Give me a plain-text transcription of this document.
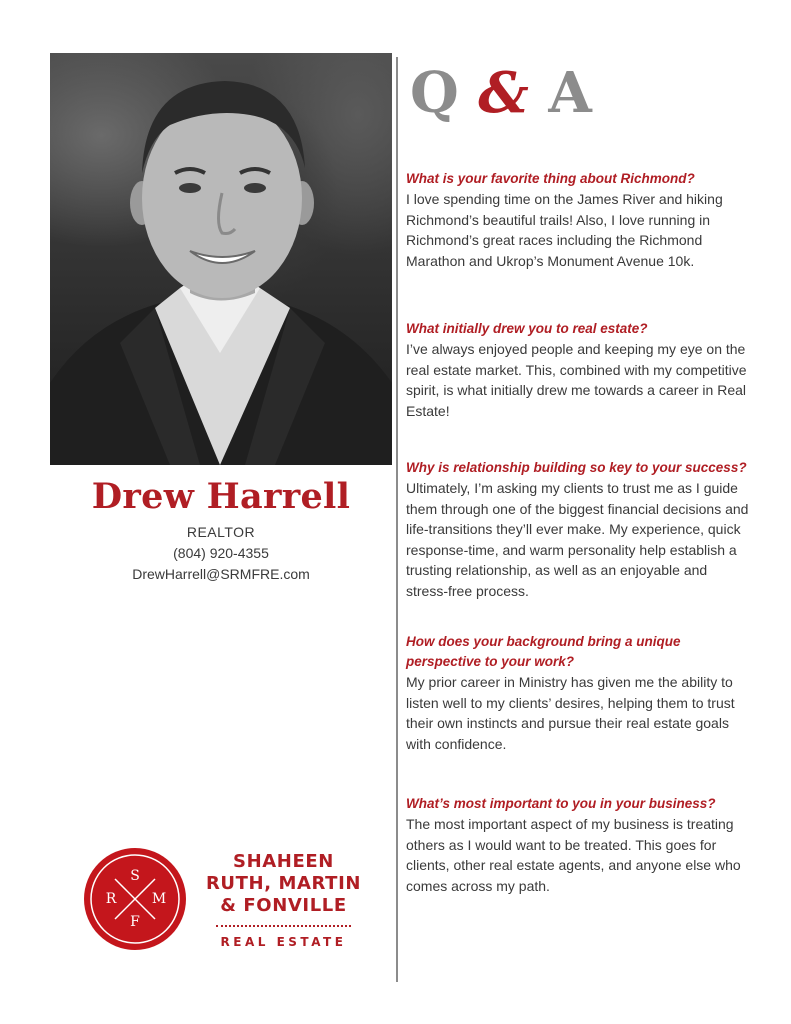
Drew Harrell
REALTOR
(804) 920-4355
DrewHarrell@SRMFRE.com
Q & A
What is your favorite thing about Richmond?
I love spending time on the James River and hiking Richmond’s beautiful trails! Also, I love running in Richmond’s great races including the Richmond Marathon and Ukrop’s Monument Avenue 10k.
What initially drew you to real estate?
I’ve always enjoyed people and keeping my eye on the real estate market. This, combined with my competitive spirit, is what initially drew me towards a career in Real Estate!
Why is relationship building so key to your success?
Ultimately, I’m asking my clients to trust me as I guide them through one of the biggest financial decisions and life-transitions they’ll ever make. My experience, quick response-time, and warm personality help establish a trusting relationship, as well as an enjoyable and stress-free process.
How does your background bring a unique perspective to your work?
My prior career in Ministry has given me the ability to listen well to my clients’ desires, helping them to trust their own instincts and pursue their real estate goals with confidence.
What’s most important to you in your business?
The most important aspect of my business is treating others as I would want to be treated. This goes for clients, other real estate agents, and anyone else who comes across my path.
S
R	M
F
SHAHEEN
RUTH, MARTIN
& FONVILLE
REAL ESTATE
